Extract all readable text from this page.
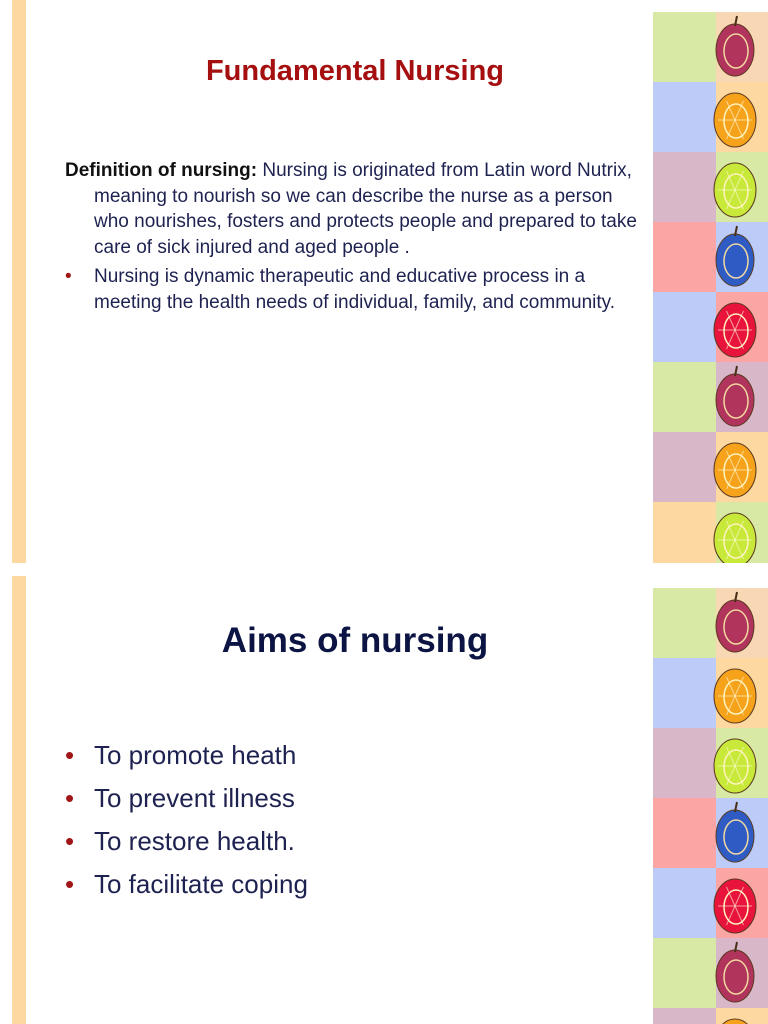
Fundamental Nursing

Definition of nursing: Nursing is originated from Latin word Nutrix, meaning to nourish so we can describe the nurse as a person who nourishes, fosters and protects people and prepared to take care of sick injured and aged people .

• Nursing is dynamic therapeutic and educative process in a meeting the health needs of individual, family, and community.
Aims of nursing
• To promote heath
• To prevent illness
• To restore health.
• To facilitate coping
